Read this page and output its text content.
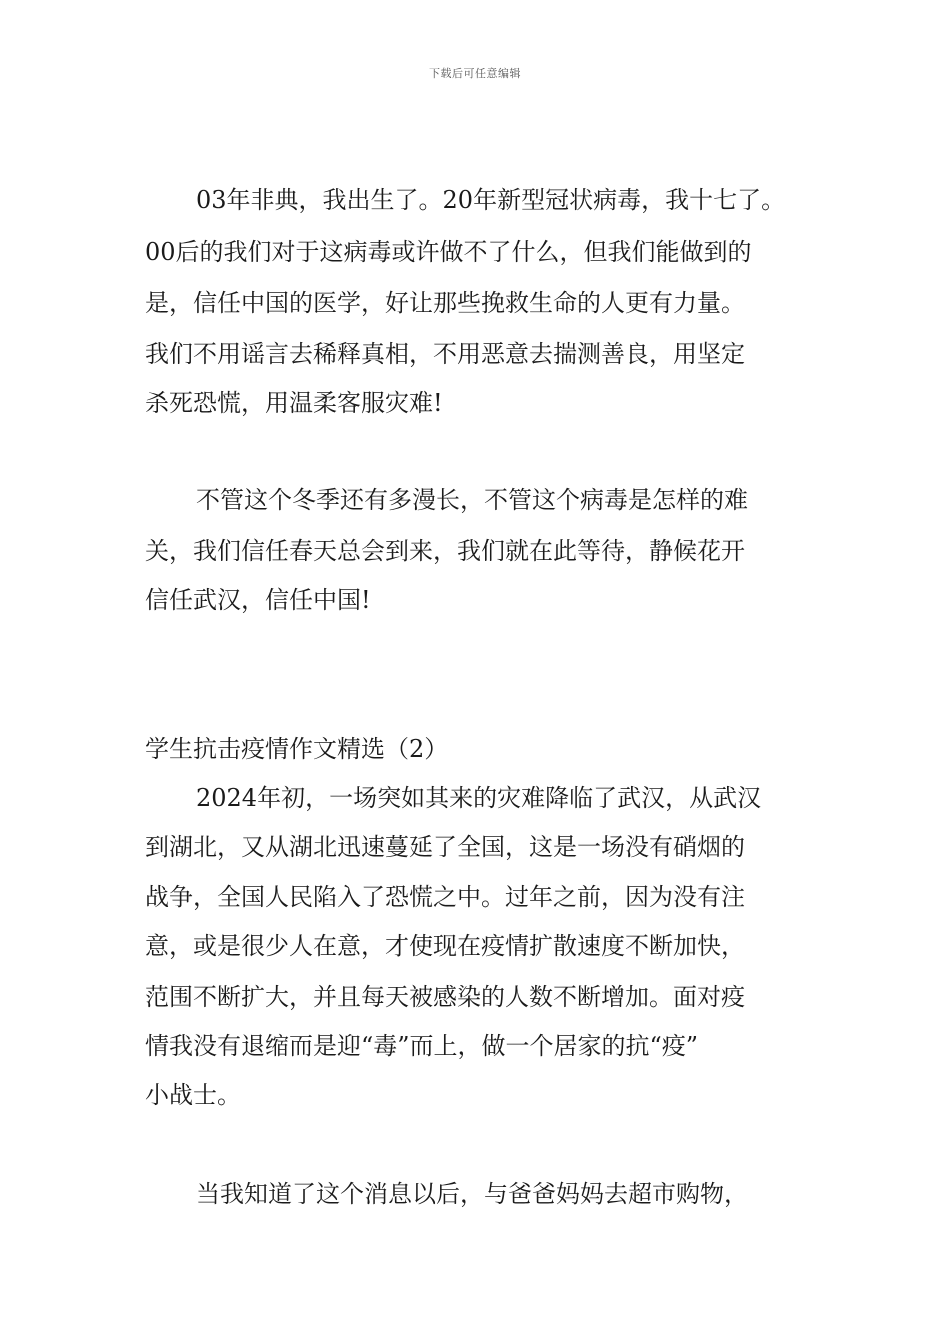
下载后可任意编辑
03年非典，我出生了。20年新型冠状病毒，我十七了。
00后的我们对于这病毒或许做不了什么，但我们能做到的
是，信任中国的医学，好让那些挽救生命的人更有力量。
我们不用谣言去稀释真相，不用恶意去揣测善良，用坚定
杀死恐慌，用温柔客服灾难!
不管这个冬季还有多漫长，不管这个病毒是怎样的难
关，我们信任春天总会到来，我们就在此等待，静候花开
信任武汉，信任中国!
学生抗击疫情作文精选（2）
2024年初，一场突如其来的灾难降临了武汉，从武汉
到湖北，又从湖北迅速蔓延了全国，这是一场没有硝烟的
战争，全国人民陷入了恐慌之中。过年之前，因为没有注
意，或是很少人在意，才使现在疫情扩散速度不断加快，
范围不断扩大，并且每天被感染的人数不断增加。面对疫
情我没有退缩而是迎“毒”而上，做一个居家的抗“疫”
小战士。
当我知道了这个消息以后，与爸爸妈妈去超市购物，
